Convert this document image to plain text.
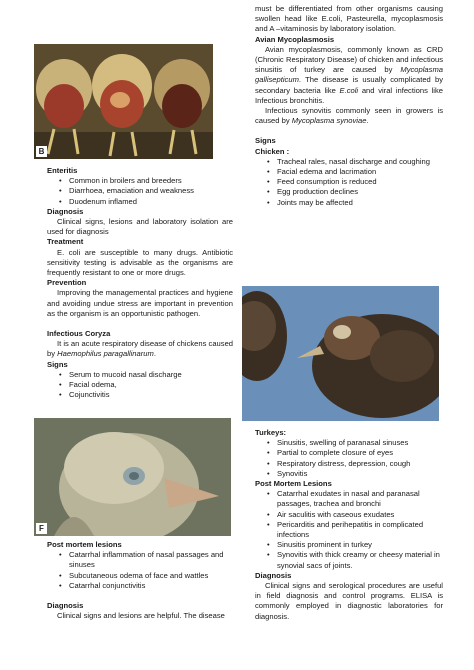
B
F
Enteritis
• Common in broilers and breeders
• Diarrhoea, emaciation and weakness
• Duodenum inflamed
Diagnosis

Clinical signs, lesions and laboratory isolation are used for diagnosis

Treatment

E. coli are susceptible to many drugs. Antibiotic sensitivity testing is advisable as the organisms are frequently resistant to one or more drugs.

Prevention

Improving the managemental practices and hygiene and avoiding undue stress are important in prevention as the organism is an opportunistic pathogen.

Infectious Coryza

It is an acute respiratory disease of chickens caused by Haemophilus paragallinarum.

Signs
• Serum to mucoid nasal discharge
• Facial odema,
• Cojunctivitis
Post mortem lesions
• Catarrhal inflammation of nasal passages and sinuses
• Subcutaneous odema of face and wattles
• Catarrhal conjunctivitis
Diagnosis

Clinical signs and lesions are helpful. The disease

must be differentiated from other organisms causing swollen head like E.coli, Pasteurella, mycoplasmosis and A –vitaminosis by laboratory isolation.

Avian Mycoplasmosis

Avian mycoplasmosis, commonly known as CRD (Chronic Respiratory Disease) of chicken and infectious sinusitis of turkey are caused by Mycoplasma gallisepticum. The disease is usually complicated by secondary bacteria like E.coli and viral infections like Infectious bronchitis.

Infectious synovitis commonly seen in growers is caused by Mycoplasma synoviae.

Signs
Chicken :
• Tracheal rales, nasal discharge and coughing
• Facial edema and lacrimation
• Feed consumption is reduced
• Egg production declines
• Joints may be affected
Turkeys:
• Sinusitis, swelling of paranasal sinuses
• Partial to complete closure of eyes
• Respiratory distress, depression, cough
• Synovitis
Post Mortem Lesions
• Catarrhal exudates in nasal and paranasal passages, trachea and bronchi
• Air saculitis with caseous exudates
• Pericarditis and perihepatitis in complicated infections
• Sinusitis prominent in turkey
• Synovitis with thick creamy or cheesy material in synovial sacs of joints.
Diagnosis

Clinical signs and serological procedures are useful in field diagnosis and control programs. ELISA is commonly employed in diagnostic laboratories for diagnosis.
